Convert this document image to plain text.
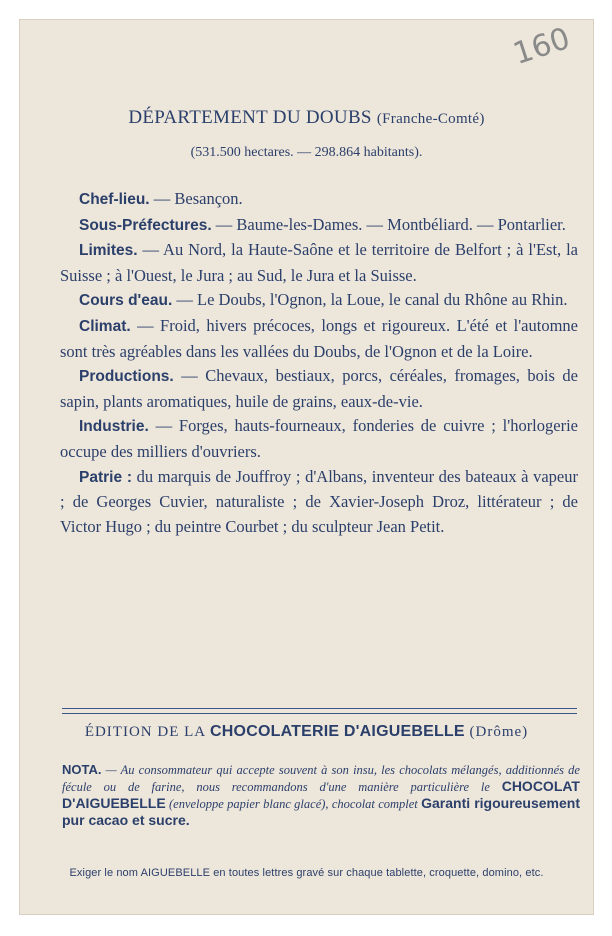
160
DÉPARTEMENT DU DOUBS (Franche-Comté)
(531.500 hectares. — 298.864 habitants).

Chef-lieu. — Besançon.

Sous-Préfectures. — Baume-les-Dames. — Montbéliard. — Pontarlier.

Limites. — Au Nord, la Haute-Saône et le territoire de Belfort ; à l'Est, la Suisse ; à l'Ouest, le Jura ; au Sud, le Jura et la Suisse.

Cours d'eau. — Le Doubs, l'Ognon, la Loue, le canal du Rhône au Rhin.

Climat. — Froid, hivers précoces, longs et rigoureux. L'été et l'automne sont très agréables dans les vallées du Doubs, de l'Ognon et de la Loire.

Productions. — Chevaux, bestiaux, porcs, céréales, fromages, bois de sapin, plants aromatiques, huile de grains, eaux-de-vie.

Industrie. — Forges, hauts-fourneaux, fonderies de cuivre ; l'horlogerie occupe des milliers d'ouvriers.

Patrie : du marquis de Jouffroy ; d'Albans, inventeur des bateaux à vapeur ; de Georges Cuvier, naturaliste ; de Xavier-Joseph Droz, littérateur ; de Victor Hugo ; du peintre Courbet ; du sculpteur Jean Petit.

ÉDITION DE LA CHOCOLATERIE D'AIGUEBELLE (Drôme)
NOTA. — Au consommateur qui accepte souvent à son insu, les chocolats mélangés, additionnés de fécule ou de farine, nous recommandons d'une manière particulière le CHOCOLAT D'AIGUEBELLE (enveloppe papier blanc glacé), chocolat complet Garanti rigoureusement pur cacao et sucre.
Exiger le nom AIGUEBELLE en toutes lettres gravé sur chaque tablette, croquette, domino, etc.
